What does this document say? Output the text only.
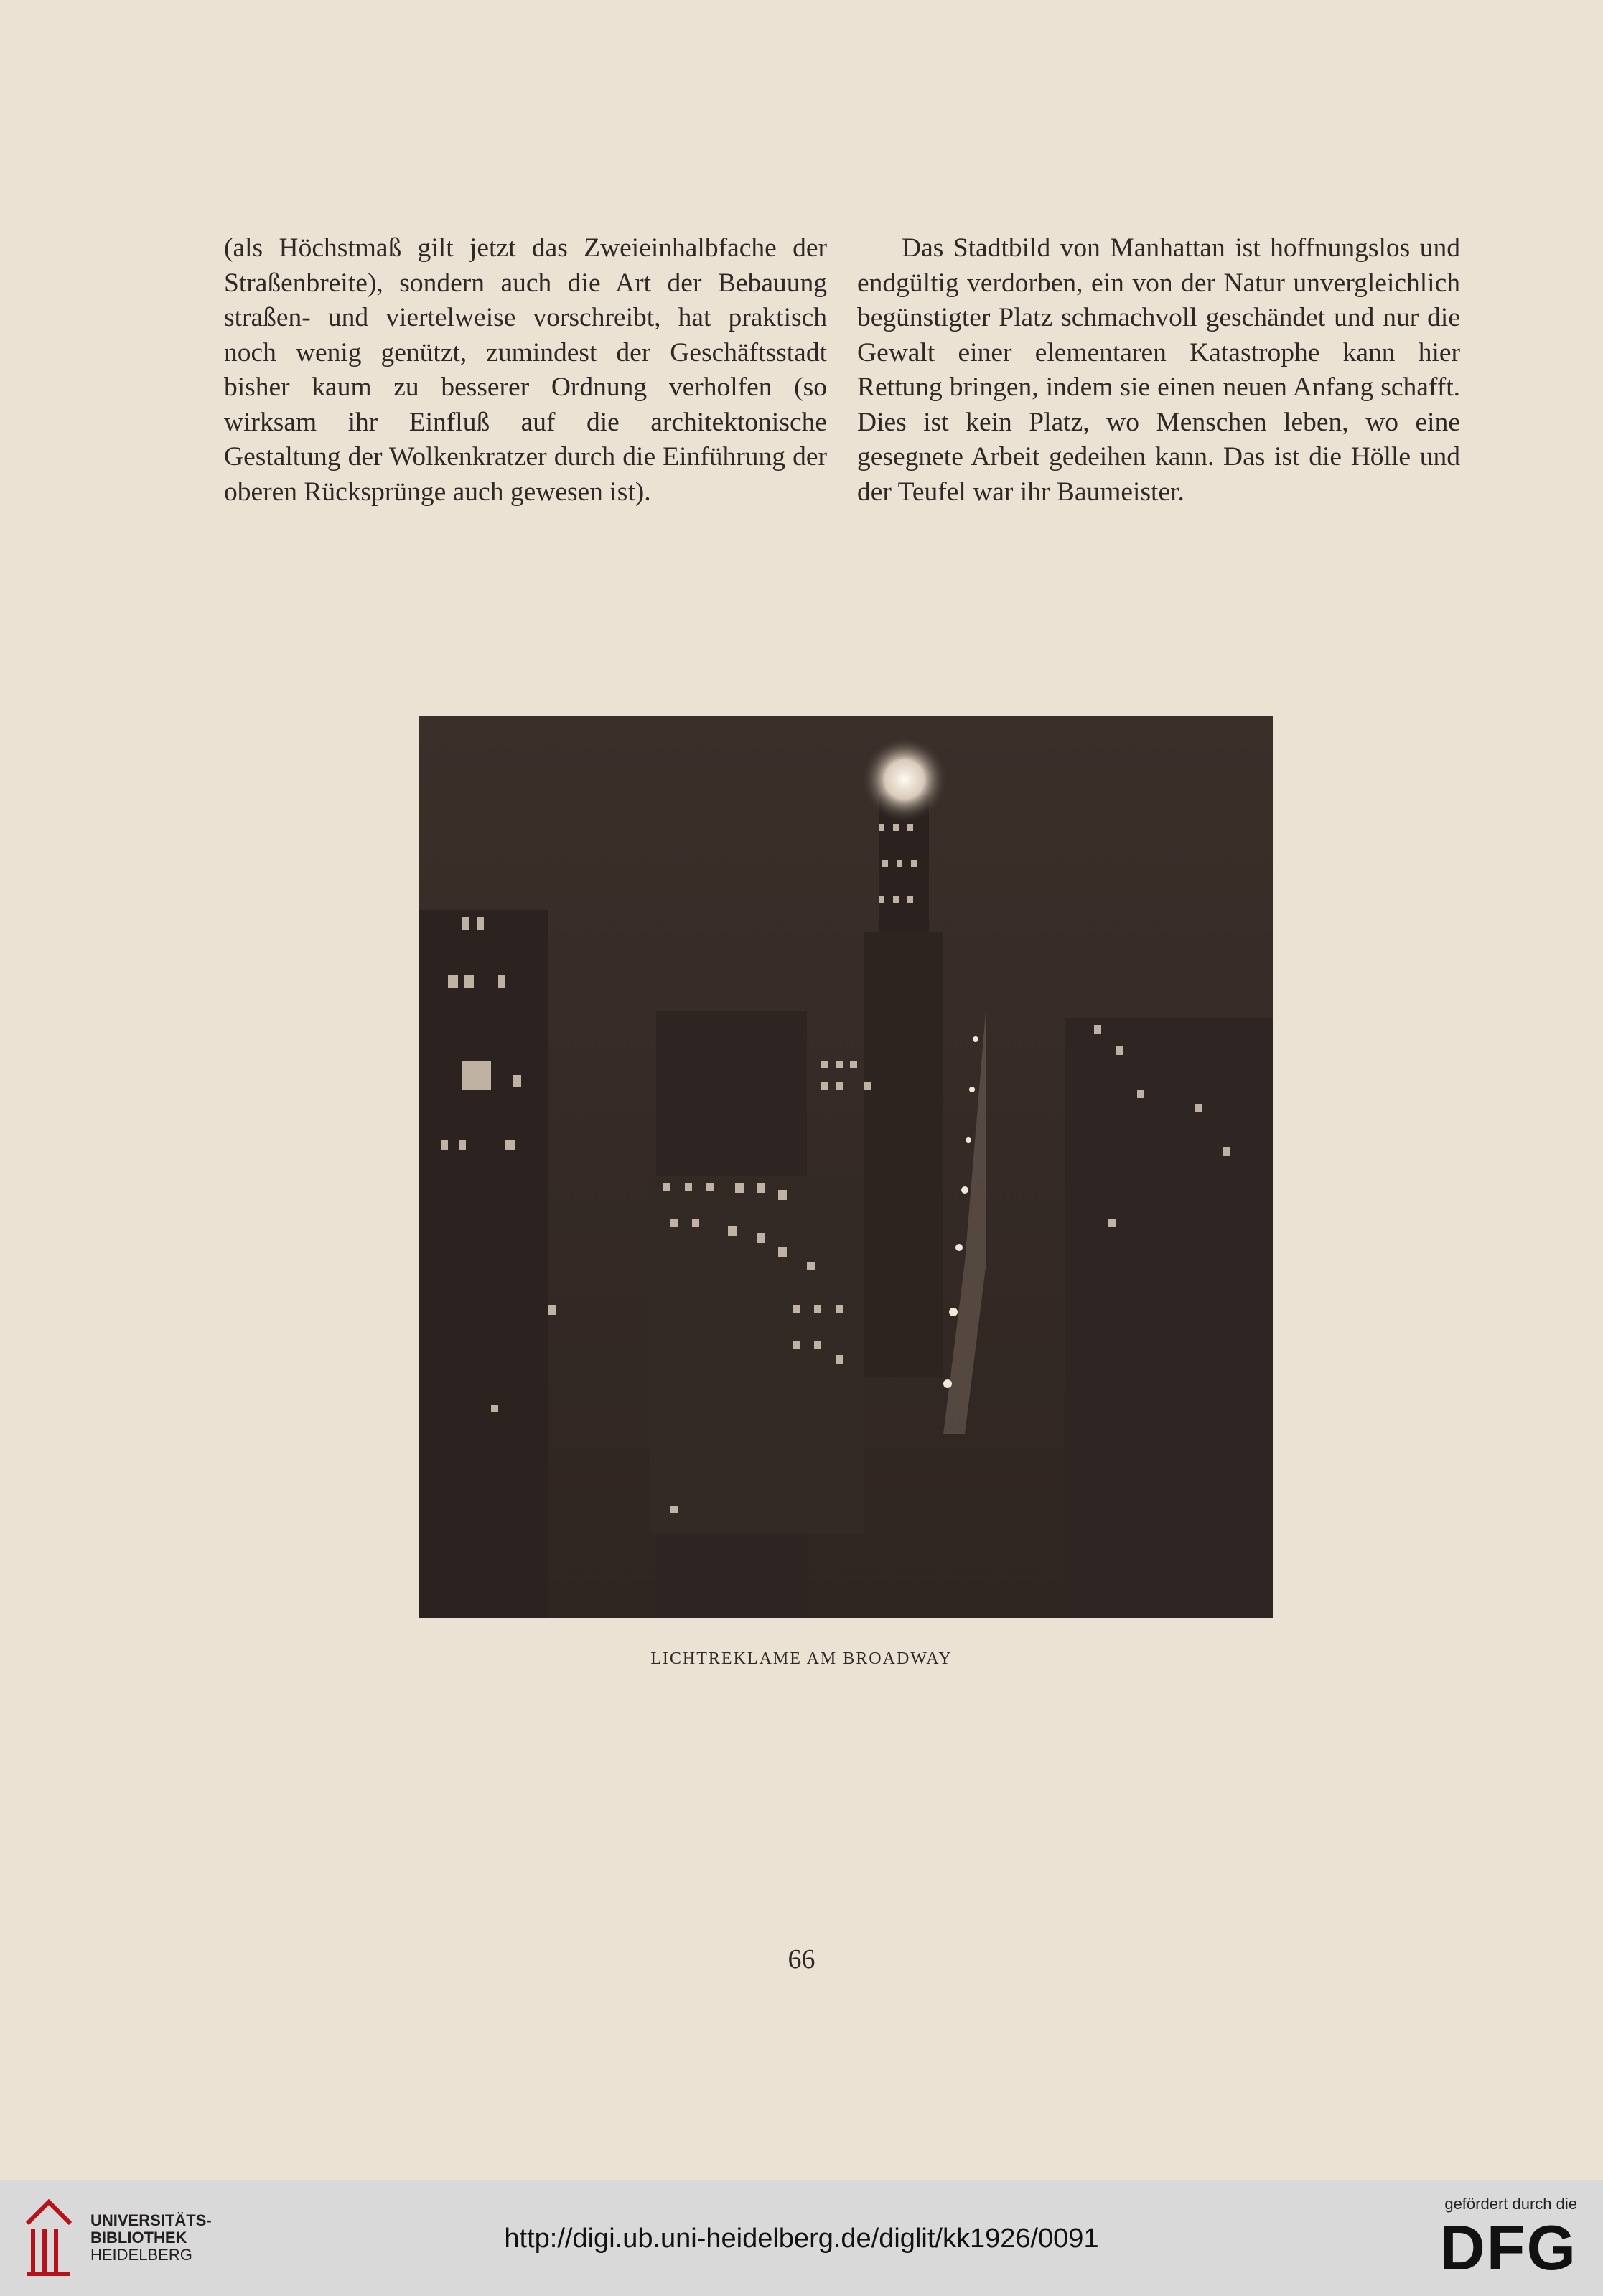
(als Höchstmaß gilt jetzt das Zweieinhalbfache der Straßenbreite), sondern auch die Art der Bebauung straßen- und viertelweise vorschreibt, hat praktisch noch wenig genützt, zumindest der Geschäftsstadt bisher kaum zu besserer Ordnung verholfen (so wirksam ihr Einfluß auf die architektonische Gestaltung der Wolkenkratzer durch die Einführung der oberen Rücksprünge auch gewesen ist).

Das Stadtbild von Manhattan ist hoffnungslos und endgültig verdorben, ein von der Natur unvergleichlich begünstigter Platz schmachvoll geschändet und nur die Gewalt einer elementaren Katastrophe kann hier Rettung bringen, indem sie einen neuen Anfang schafft. Dies ist kein Platz, wo Menschen leben, wo eine gesegnete Arbeit gedeihen kann. Das ist die Hölle und der Teufel war ihr Baumeister.

LICHTREKLAME AM BROADWAY
66
UNIVERSITÄTS-
BIBLIOTHEK
HEIDELBERG
http://digi.ub.uni-heidelberg.de/diglit/kk1926/0091
gefördert durch die
DFG
